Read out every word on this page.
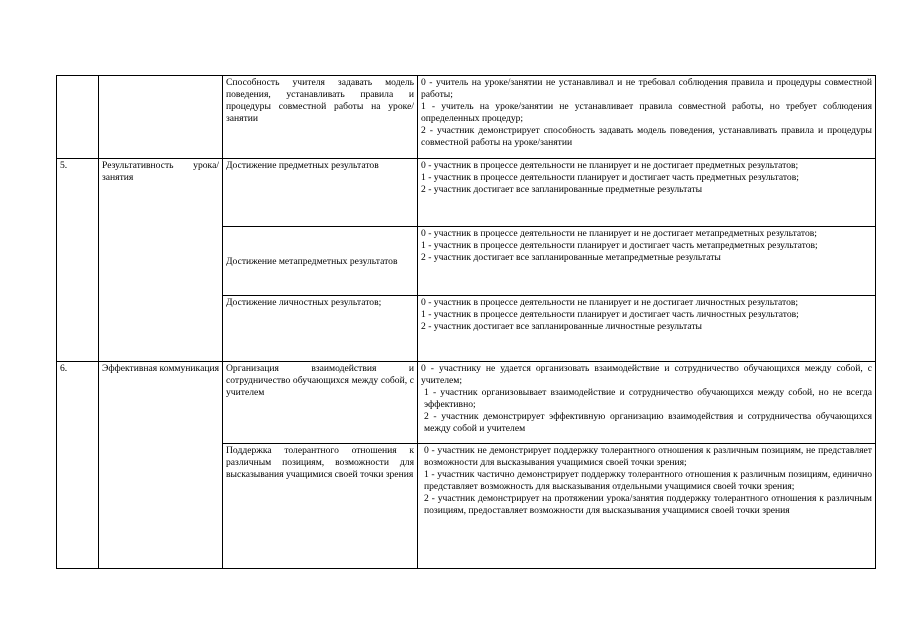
		Способность учителя задавать модель поведения, устанавливать правила и процедуры совместной работы на уроке/занятии	0 - учитель на уроке/занятии не устанавливал и не требовал соблюдения правила и процедуры совместной работы;
1 - учитель на уроке/занятии не устанавливает правила совместной работы, но требует соблюдения определенных процедур;
2 - участник демонстрирует способность задавать модель поведения, устанавливать правила и процедуры совместной работы на уроке/занятии

5.	Результативность урока/занятия	Достижение предметных результатов	0 - участник в процессе деятельности не планирует и не достигает предметных результатов;
1 - участник в процессе деятельности планирует и достигает часть предметных результатов;
2 - участник достигает все запланированные предметные результаты

		Достижение метапредметных результатов	0 - участник в процессе деятельности не планирует и не достигает метапредметных результатов;
1 - участник в процессе деятельности планирует и достигает часть метапредметных результатов;
2 - участник достигает все запланированные метапредметные результаты

		Достижение личностных результатов;	0 - участник в процессе деятельности не планирует и не достигает личностных результатов;
1 - участник в процессе деятельности планирует и достигает часть личностных результатов;
2 - участник достигает все запланированные личностные результаты

6.	Эффективная коммуникация	Организация взаимодействия и сотрудничество обучающихся между собой, с учителем	0 - участнику не удается организовать взаимодействие и сотрудничество обучающихся между собой, с учителем;
1 - участник организовывает взаимодействие и сотрудничество обучающихся между собой, но не всегда эффективно;
2 - участник демонстрирует эффективную организацию взаимодействия и сотрудничества обучающихся между собой и учителем

		Поддержка толерантного отношения к различным позициям, возможности для высказывания учащимися своей точки зрения	0 - участник не демонстрирует поддержку толерантного отношения к различным позициям, не представляет возможности для высказывания учащимися своей точки зрения;
1 - участник частично демонстрирует поддержку толерантного отношения к различным позициям, единично представляет возможность для высказывания отдельными учащимися своей точки зрения;
2 - участник демонстрирует на протяжении урока/занятия поддержку толерантного отношения к различным позициям, предоставляет возможности для высказывания учащимися своей точки зрения
